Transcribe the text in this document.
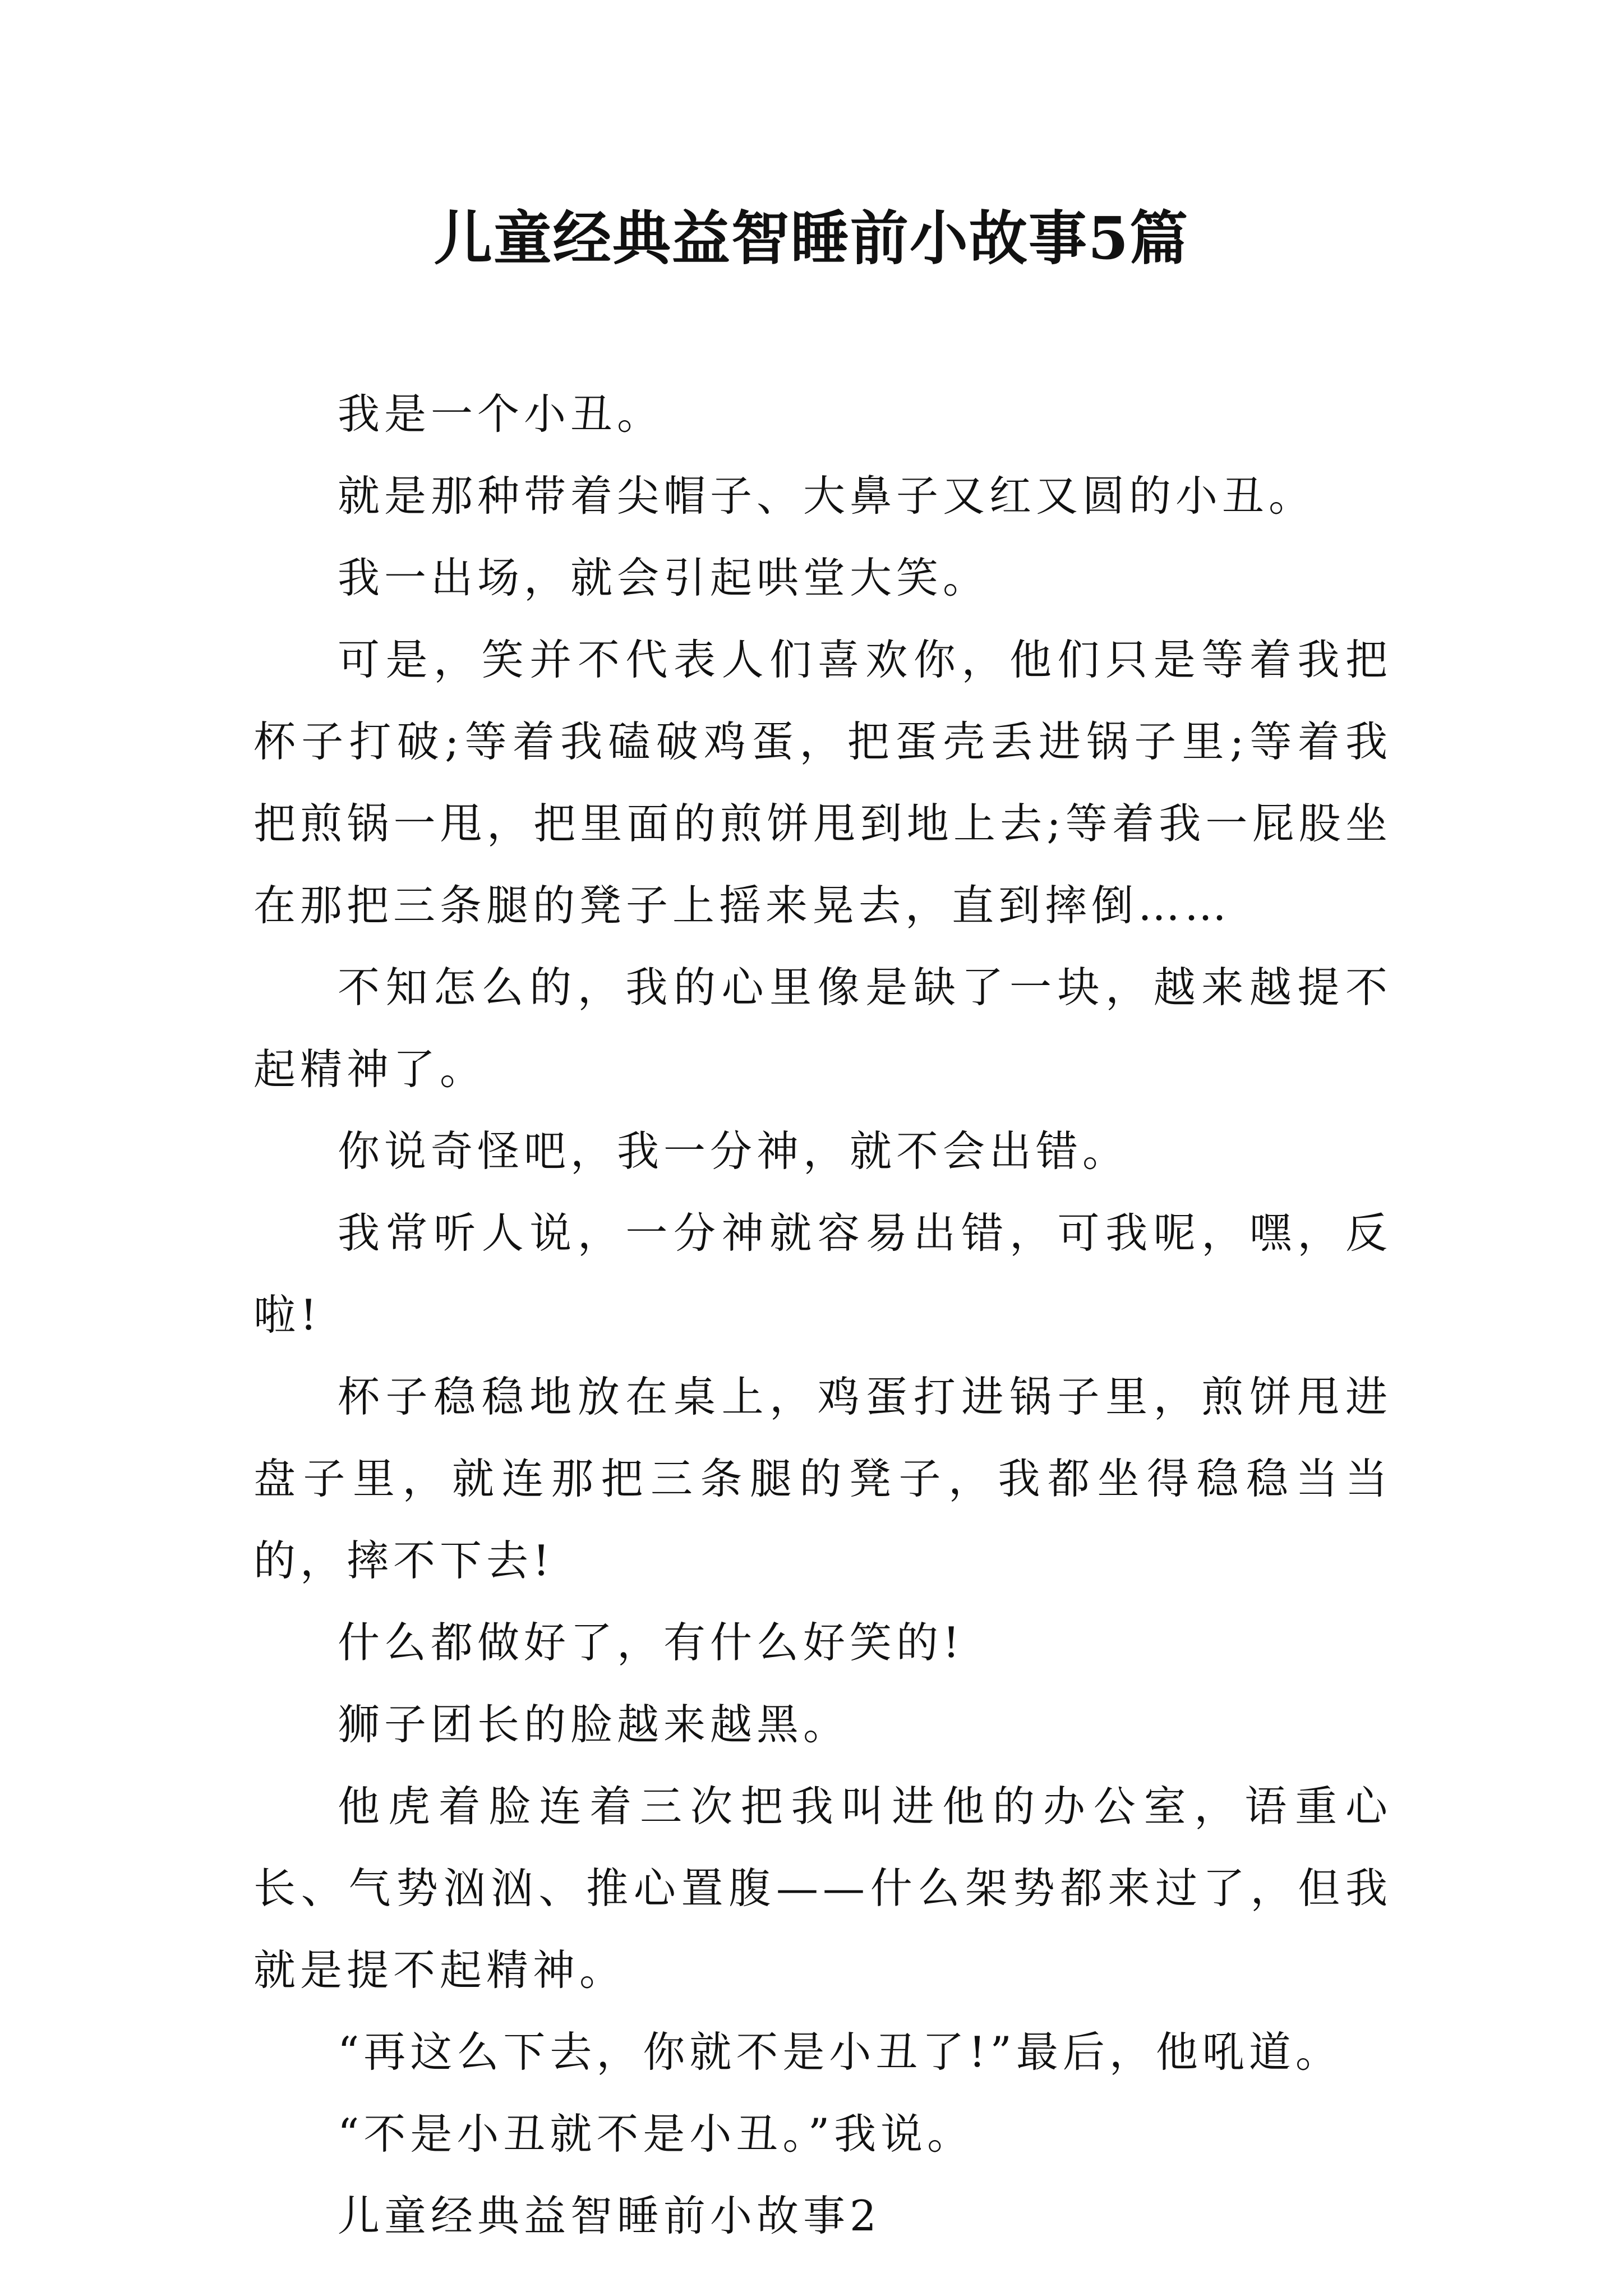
儿童经典益智睡前小故事5篇

我是一个小丑。

就是那种带着尖帽子、大鼻子又红又圆的小丑。

我一出场，就会引起哄堂大笑。

可是，笑并不代表人们喜欢你，他们只是等着我把杯子打破;等着我磕破鸡蛋，把蛋壳丢进锅子里;等着我把煎锅一甩，把里面的煎饼甩到地上去;等着我一屁股坐在那把三条腿的凳子上摇来晃去，直到摔倒……

不知怎么的，我的心里像是缺了一块，越来越提不起精神了。

你说奇怪吧，我一分神，就不会出错。

我常听人说，一分神就容易出错，可我呢，嘿，反啦!

杯子稳稳地放在桌上，鸡蛋打进锅子里，煎饼甩进盘子里，就连那把三条腿的凳子，我都坐得稳稳当当的，摔不下去!

什么都做好了，有什么好笑的!

狮子团长的脸越来越黑。

他虎着脸连着三次把我叫进他的办公室，语重心长、气势汹汹、推心置腹——什么架势都来过了，但我就是提不起精神。

“再这么下去，你就不是小丑了!”最后，他吼道。

“不是小丑就不是小丑。”我说。

儿童经典益智睡前小故事2
